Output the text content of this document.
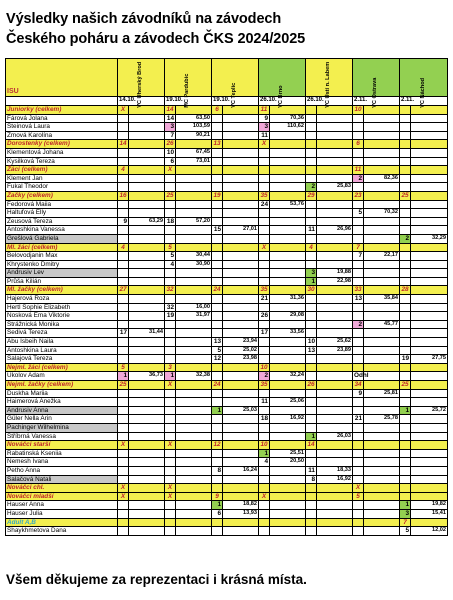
Výsledky našich závodníků na závodech
Českého poháru a závodech ČKS 2024/2025
ISU	VC Uherský Brod		MC Pardubic		VC Teplic		VC Brno		VC Ústí n. Labem		VC Ostrava		VC Náchod	

	14.10.		19.10.		19.10.		26.10.		26.10.		2.11.		2.11.	
Juniorky (celkem)	X		14		6		11				10			
Fárová Jolana			14	63,50			9	70,36						
Steinová Laura			3	103,59			3	110,62						
Zmová Karolína			7	90,21			11							
Dorostenky (celkem)	14		26		13		X				6			
Klementová Johana			10	67,45										
Kysilková Tereza			6	73,01										
Žáci (celkem)	4		X								11			
Klement Jan											2	82,36		
Fukal Theodor									2	25,83				
Žačky (celkem)	16		25		19		35		29		23		25	
Fedorová Maiia							24	53,76						
Haltufová Elly											5	70,32		
Zeusová Tereza	9	63,29	18	57,20										
Antoshkina Vanessa					15	27,01			11	26,96				
Grešlová Gabriela													2	32,29
Ml. žáci (celkem)	4		5				X		4		7			
Belovodjanin Max			5	30,44							7	22,17		
Khrystenko Dmitry			4	30,90										
Andrusiv Lev									3	19,88				
Průša Kilián									1	22,98				
Ml. žačky (celkem)	27		32		24		35		30		33		28	
Hajerová Roza							21	31,36			13	35,84		
Hertl Sophie Elizabeth			32	16,00										
Nosková Ema Viktorie			19	31,97			26	29,08						
Strážnická Monika											2	45,77		
Šedivá Tereza	17	31,44					17	33,56						
Abu Isbeih Naila					13	23,94			10	25,62				
Antoshkina Laura					5	25,02			13	23,89				
Salajová Tereza					12	23,98							19	27,75
Nejml. žáci (celkem)	5		3				10							
Ukolov Adam	1	36,73	1	32,38			2	32,24			Odhl			
Nejml. žačky (celkem)	25		X		24		35		26		34		25	
Duskha Mariia											9	25,81		
Haimerová Anežka							11	25,06						
Andrusiv Anna					1	25,03							1	25,72
Güler Nella Arin							18	16,92			21	25,78		
Pachinger Wilhelmina														
Stříbrná Vanessa									1	26,03				
Nováčci starší	X		X		12		10		14					
Rabatinská Kseniia							1	25,51						
Nemesh Ivana							4	20,50						
Petho Anna					8	16,24			11	18,33				
Salačová Natali									8	16,92				
Nováčci chl.	X		X								X			
Nováčci mladší	X		X		9		X				5			
Hauser Anna					1	18,82							1	19,82
Hauser Julia					6	13,93							3	15,41
Adult A,B													7	
Shaykhmetova Dana													5	12,02
Všem děkujeme za reprezentaci i krásná místa.
